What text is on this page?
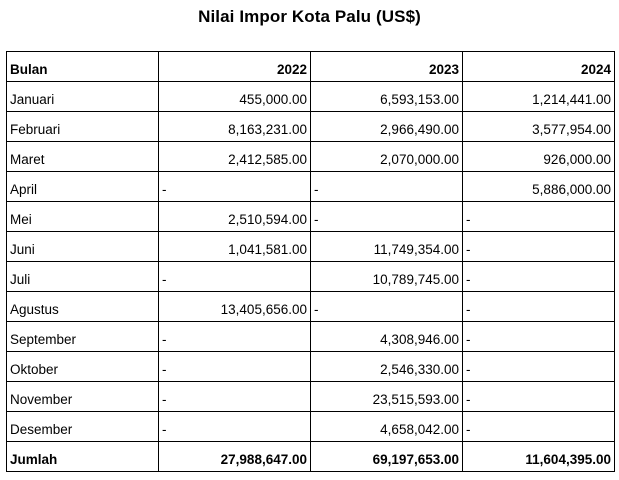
Nilai Impor Kota Palu (US$)
Bulan	2022	2023	2024
Januari	455,000.00	6,593,153.00	1,214,441.00
Februari	8,163,231.00	2,966,490.00	3,577,954.00
Maret	2,412,585.00	2,070,000.00	926,000.00
April	-	-	5,886,000.00
Mei	2,510,594.00	-	-
Juni	1,041,581.00	11,749,354.00	-
Juli	-	10,789,745.00	-
Agustus	13,405,656.00	-	-
September	-	4,308,946.00	-
Oktober	-	2,546,330.00	-
November	-	23,515,593.00	-
Desember	-	4,658,042.00	-
Jumlah	27,988,647.00	69,197,653.00	11,604,395.00
